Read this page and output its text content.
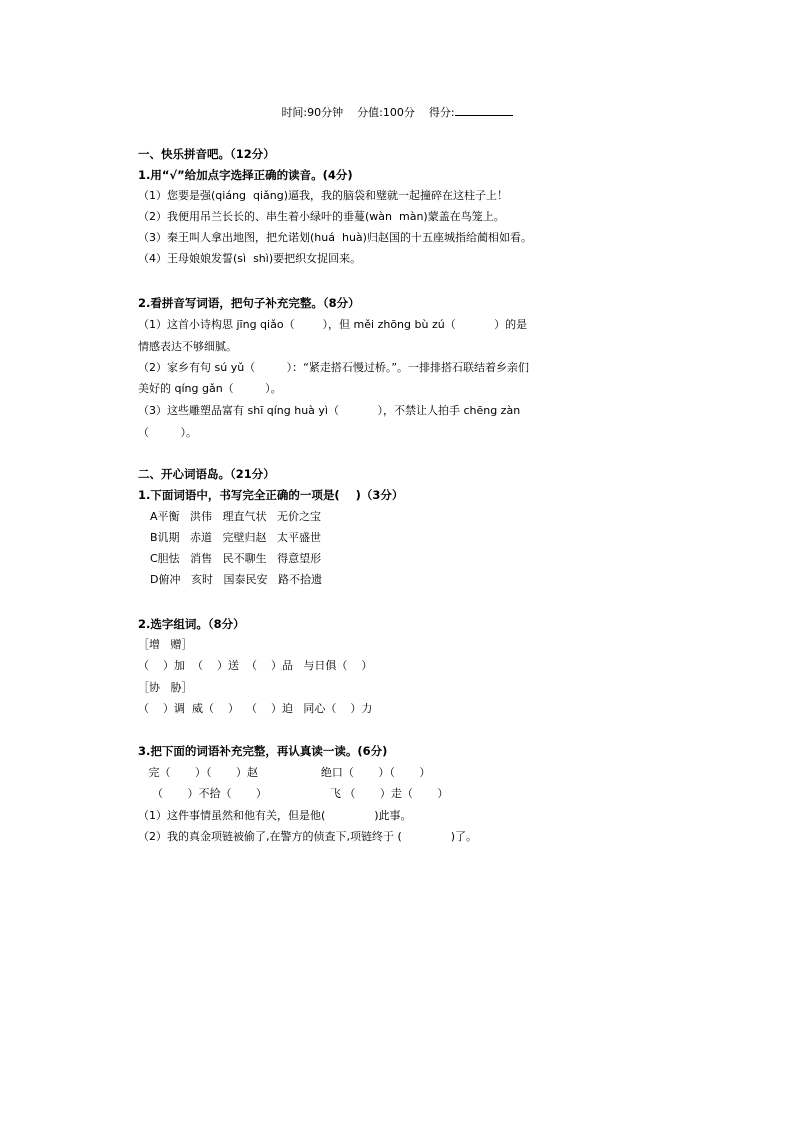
时间:90分钟 分值:100分 得分:
一、快乐拼音吧。（12分）
1.用“√”给加点字选择正确的读音。(4分)
（1）您要是强(qiáng  qiǎng)逼我，我的脑袋和璧就一起撞碎在这柱子上！
（2）我便用吊兰长长的、串生着小绿叶的垂蔓(wàn  màn)蒙盖在鸟笼上。
（3）秦王叫人拿出地图，把允诺划(huá  huà)归赵国的十五座城指给蔺相如看。
（4）王母娘娘发誓(sì  shì)要把织女捉回来。
2.看拼音写词语，把句子补充完整。（8分）
（1）这首小诗构思 jīng qiǎo（        ），但 měi zhōng bù zú（           ）的是
情感表达不够细腻。
（2）家乡有句 sú yǔ（         ）：“紧走搭石慢过桥。”。一排排搭石联结着乡亲们
美好的 qíng gǎn（         ）。
（3）这些雕塑品富有 shī qíng huà yì（           ），不禁让人拍手 chēng zàn
（         ）。
二、开心词语岛。（21分）
1.下面词语中，书写完全正确的一项是(    )（3分）
A平衡   洪伟   理直气状   无价之宝
B讥期   赤道   完壁归赵   太平盛世
C胆怯   消售   民不聊生   得意望形
D俯冲   亥时   国泰民安   路不拾遗
2.选字组词。（8分）
［增   赠］
（    ）加  （    ）送  （    ）品   与日俱（    ）
［协   胁］
（    ）调  威（    ）  （    ）迫   同心（    ）力
3.把下面的词语补充完整，再认真读一读。(6分)
完（       ）（       ）赵                  绝口（       ）（       ）
（       ）不拾（       ）                  飞 （       ）走（       ）
（1）这件事情虽然和他有关，但是他(              )此事。
（2）我的真金项链被偷了,在警方的侦查下,项链终于 (              )了。
